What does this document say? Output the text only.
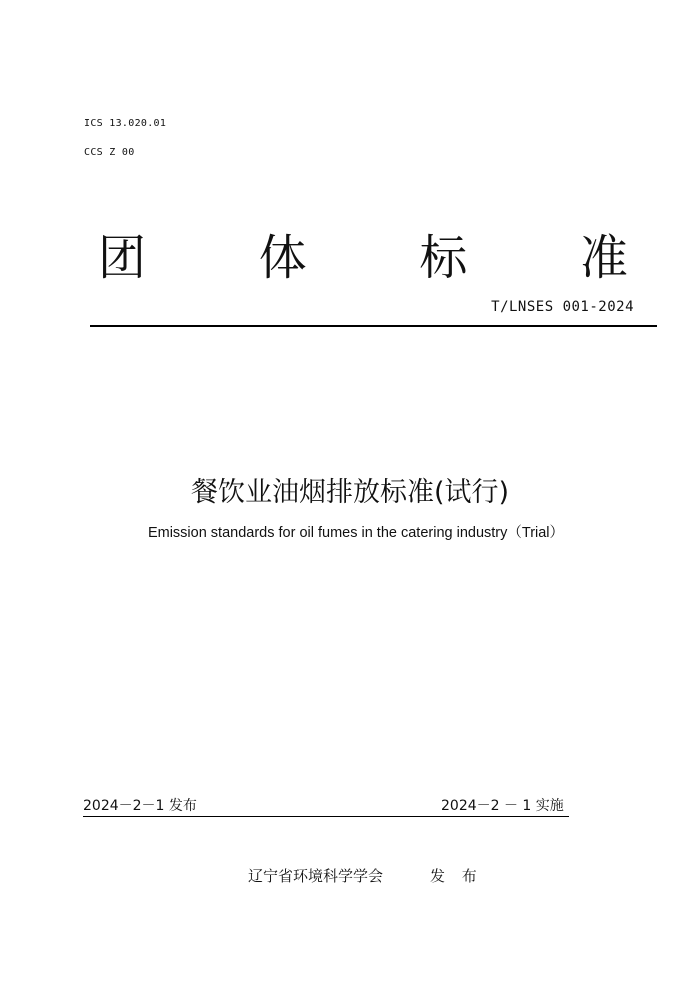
ICS 13.020.01
CCS Z 00
团 体 标 准
T/LNSES 001-2024
餐饮业油烟排放标准(试行)
Emission standards for oil fumes in the catering industry（Trial）
2024－2－1 发布	2024－2 － 1 实施
辽宁省环境科学学会	发 布
